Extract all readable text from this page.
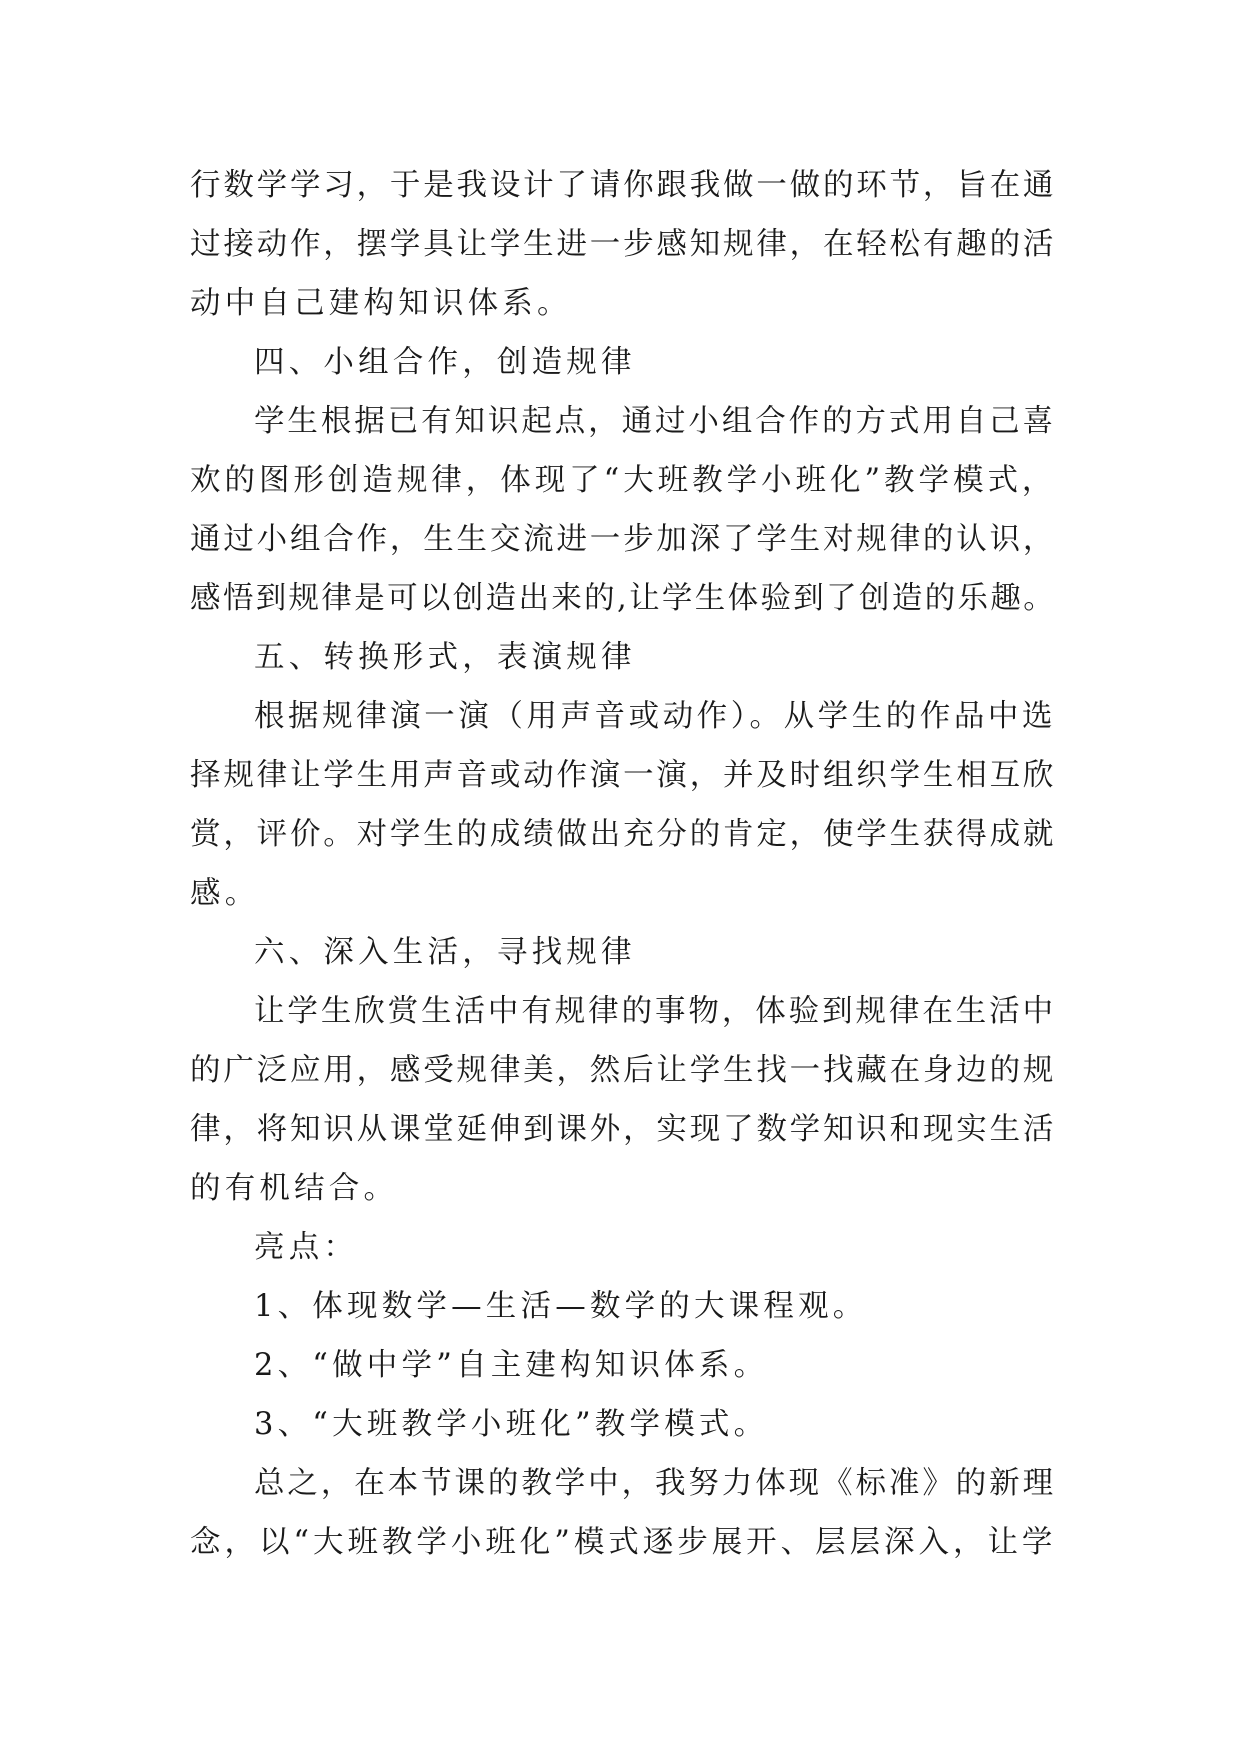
行数学学习，于是我设计了请你跟我做一做的环节，旨在通
过接动作，摆学具让学生进一步感知规律，在轻松有趣的活
动中自己建构知识体系。
四、小组合作，创造规律
学生根据已有知识起点，通过小组合作的方式用自己喜
欢的图形创造规律，体现了“大班教学小班化”教学模式，
通过小组合作，生生交流进一步加深了学生对规律的认识，
感悟到规律是可以创造出来的,让学生体验到了创造的乐趣。
五、转换形式，表演规律
根据规律演一演（用声音或动作）。从学生的作品中选
择规律让学生用声音或动作演一演，并及时组织学生相互欣
赏，评价。对学生的成绩做出充分的肯定，使学生获得成就
感。
六、深入生活，寻找规律
让学生欣赏生活中有规律的事物，体验到规律在生活中
的广泛应用，感受规律美，然后让学生找一找藏在身边的规
律，将知识从课堂延伸到课外，实现了数学知识和现实生活
的有机结合。
亮点：
1、体现数学—生活—数学的大课程观。
2、“做中学”自主建构知识体系。
3、“大班教学小班化”教学模式。
总之，在本节课的教学中，我努力体现《标准》的新理
念，以“大班教学小班化”模式逐步展开、层层深入，让学
